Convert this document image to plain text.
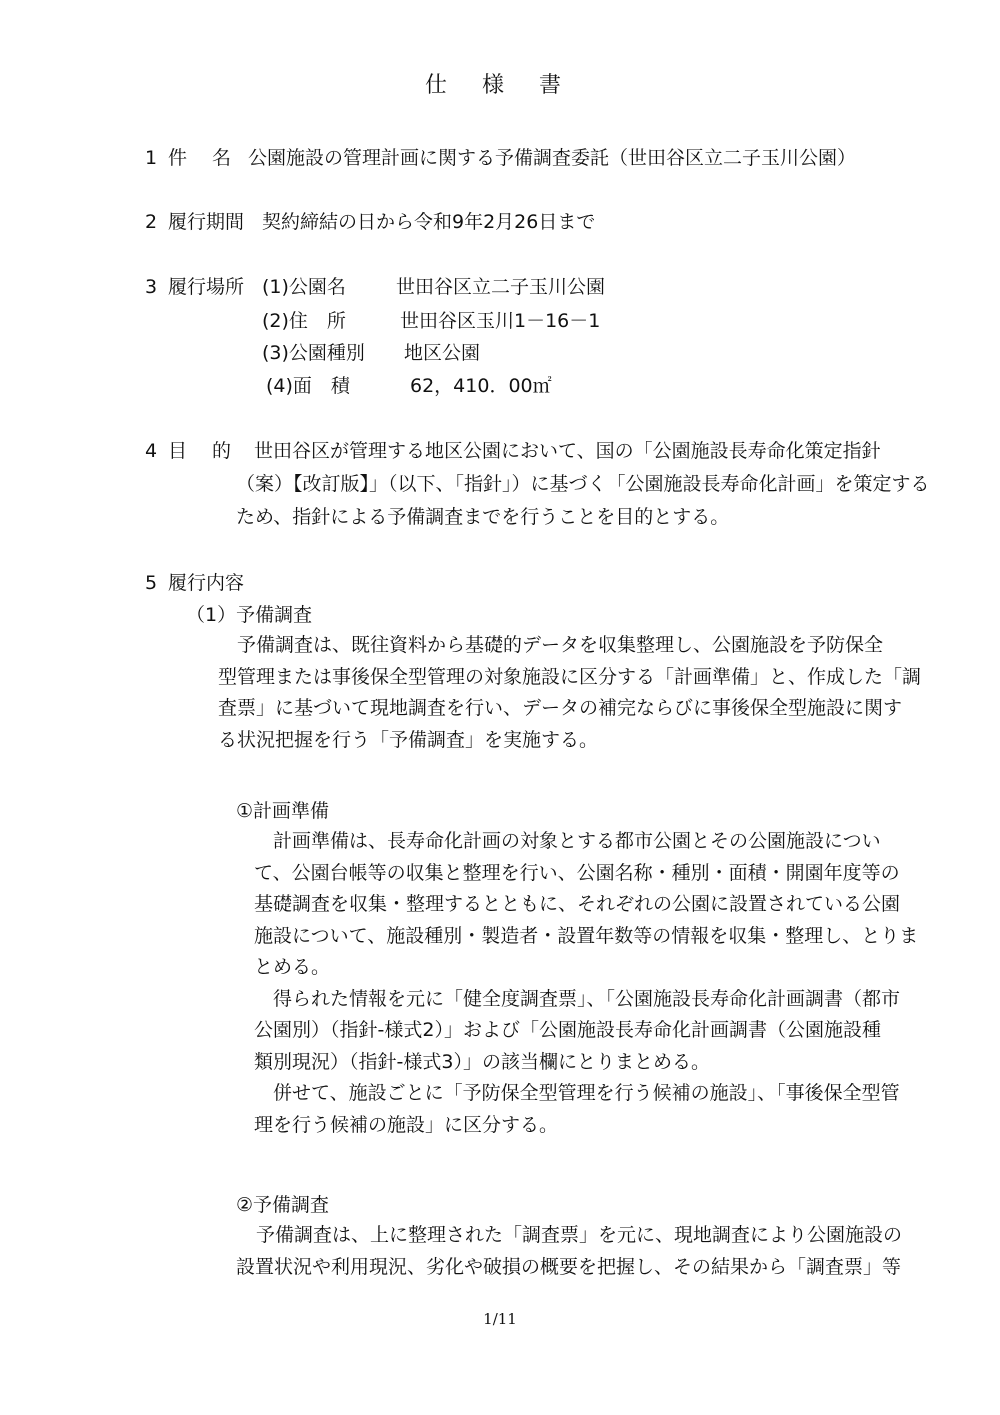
仕 様 書
1 件　 名 公園施設の管理計画に関する予備調査委託（世田谷区立二子玉川公園）
2 履行期間 契約締結の日から令和9年2月26日まで
3 履行場所 (1)公園名	世田谷区立二子玉川公園
(2)住　所	世田谷区玉川1－16－1
(3)公園種別 地区公園
(4)面　積	62，410．00㎡
4 目　 的 世田谷区が管理する地区公園において、国の「公園施設長寿命化策定指針
（案）【改訂版】」（以下、「指針」）に基づく「公園施設長寿命化計画」を策定する
ため、指針による予備調査までを行うことを目的とする。
5 履行内容
（1）予備調査
　予備調査は、既往資料から基礎的データを収集整理し、公園施設を予防保全
型管理または事後保全型管理の対象施設に区分する「計画準備」と、作成した「調
査票」に基づいて現地調査を行い、データの補完ならびに事後保全型施設に関す
る状況把握を行う「予備調査」を実施する。
①計画準備
　計画準備は、長寿命化計画の対象とする都市公園とその公園施設につい
て、公園台帳等の収集と整理を行い、公園名称・種別・面積・開園年度等の
基礎調査を収集・整理するとともに、それぞれの公園に設置されている公園
施設について、施設種別・製造者・設置年数等の情報を収集・整理し、とりま
とめる。
　得られた情報を元に「健全度調査票」、「公園施設長寿命化計画調書（都市
公園別）（指針-様式2）」および「公園施設長寿命化計画調書（公園施設種
類別現況）（指針-様式3）」の該当欄にとりまとめる。
　併せて、施設ごとに「予防保全型管理を行う候補の施設」、「事後保全型管
理を行う候補の施設」に区分する。
②予備調査
予備調査は、上に整理された「調査票」を元に、現地調査により公園施設の
設置状況や利用現況、劣化や破損の概要を把握し、その結果から「調査票」等
1/11
